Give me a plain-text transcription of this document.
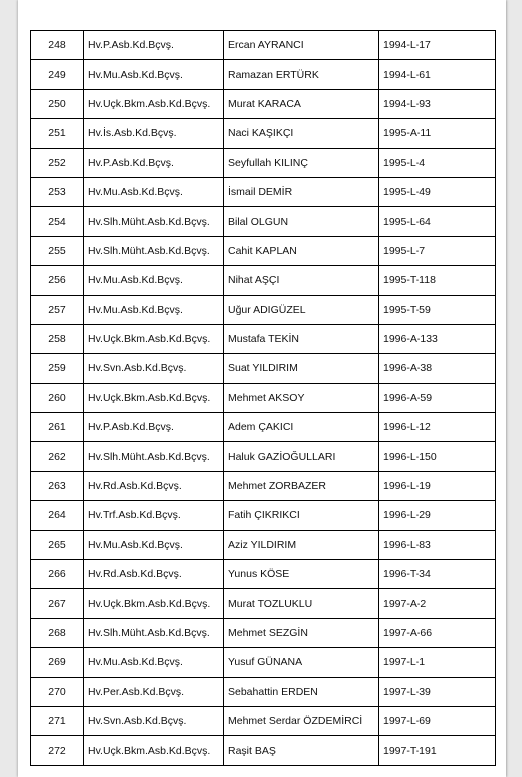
248	Hv.P.Asb.Kd.Bçvş.	Ercan AYRANCI	1994-L-17
249	Hv.Mu.Asb.Kd.Bçvş.	Ramazan ERTÜRK	1994-L-61
250	Hv.Uçk.Bkm.Asb.Kd.Bçvş.	Murat KARACA	1994-L-93
251	Hv.İs.Asb.Kd.Bçvş.	Naci KAŞIKÇI	1995-A-11
252	Hv.P.Asb.Kd.Bçvş.	Seyfullah KILINÇ	1995-L-4
253	Hv.Mu.Asb.Kd.Bçvş.	İsmail DEMİR	1995-L-49
254	Hv.Slh.Müht.Asb.Kd.Bçvş.	Bilal OLGUN	1995-L-64
255	Hv.Slh.Müht.Asb.Kd.Bçvş.	Cahit KAPLAN	1995-L-7
256	Hv.Mu.Asb.Kd.Bçvş.	Nihat AŞÇI	1995-T-118
257	Hv.Mu.Asb.Kd.Bçvş.	Uğur ADIGÜZEL	1995-T-59
258	Hv.Uçk.Bkm.Asb.Kd.Bçvş.	Mustafa TEKİN	1996-A-133
259	Hv.Svn.Asb.Kd.Bçvş.	Suat YILDIRIM	1996-A-38
260	Hv.Uçk.Bkm.Asb.Kd.Bçvş.	Mehmet AKSOY	1996-A-59
261	Hv.P.Asb.Kd.Bçvş.	Adem ÇAKICI	1996-L-12
262	Hv.Slh.Müht.Asb.Kd.Bçvş.	Haluk GAZİOĞULLARI	1996-L-150
263	Hv.Rd.Asb.Kd.Bçvş.	Mehmet ZORBAZER	1996-L-19
264	Hv.Trf.Asb.Kd.Bçvş.	Fatih ÇIKRIKCI	1996-L-29
265	Hv.Mu.Asb.Kd.Bçvş.	Aziz YILDIRIM	1996-L-83
266	Hv.Rd.Asb.Kd.Bçvş.	Yunus KÖSE	1996-T-34
267	Hv.Uçk.Bkm.Asb.Kd.Bçvş.	Murat TOZLUKLU	1997-A-2
268	Hv.Slh.Müht.Asb.Kd.Bçvş.	Mehmet SEZGİN	1997-A-66
269	Hv.Mu.Asb.Kd.Bçvş.	Yusuf GÜNANA	1997-L-1
270	Hv.Per.Asb.Kd.Bçvş.	Sebahattin ERDEN	1997-L-39
271	Hv.Svn.Asb.Kd.Bçvş.	Mehmet Serdar ÖZDEMİRCİ	1997-L-69
272	Hv.Uçk.Bkm.Asb.Kd.Bçvş.	Raşit BAŞ	1997-T-191
